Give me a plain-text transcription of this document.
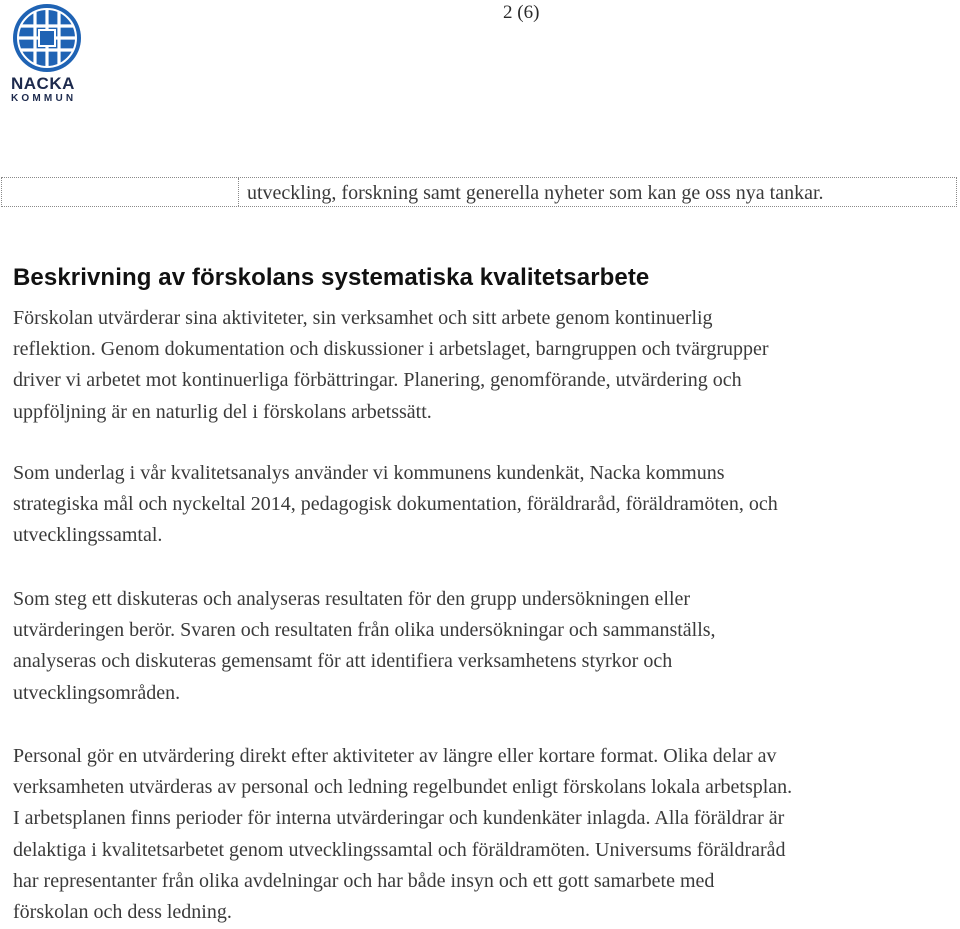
NACKA
KOMMUN
2 (6)
utveckling, forskning samt generella nyheter som kan ge oss nya tankar.
Beskrivning av förskolans systematiska kvalitetsarbete

Förskolan utvärderar sina aktiviteter, sin verksamhet och sitt arbete genom kontinuerlig
reflektion. Genom dokumentation och diskussioner i arbetslaget, barngruppen och tvärgrupper
driver vi arbetet mot kontinuerliga förbättringar. Planering, genomförande, utvärdering och
uppföljning är en naturlig del i förskolans arbetssätt.

Som underlag i vår kvalitetsanalys använder vi kommunens kundenkät, Nacka kommuns
strategiska mål och nyckeltal 2014, pedagogisk dokumentation, föräldraråd, föräldramöten, och
utvecklingssamtal.

Som steg ett diskuteras och analyseras resultaten för den grupp undersökningen eller
utvärderingen berör. Svaren och resultaten från olika undersökningar och sammanställs,
analyseras och diskuteras gemensamt för att identifiera verksamhetens styrkor och
utvecklingsområden.

Personal gör en utvärdering direkt efter aktiviteter av längre eller kortare format. Olika delar av
verksamheten utvärderas av personal och ledning regelbundet enligt förskolans lokala arbetsplan.
I arbetsplanen finns perioder för interna utvärderingar och kundenkäter inlagda. Alla föräldrar är
delaktiga i kvalitetsarbetet genom utvecklingssamtal och föräldramöten. Universums föräldraråd
har representanter från olika avdelningar och har både insyn och ett gott samarbete med
förskolan och dess ledning.
